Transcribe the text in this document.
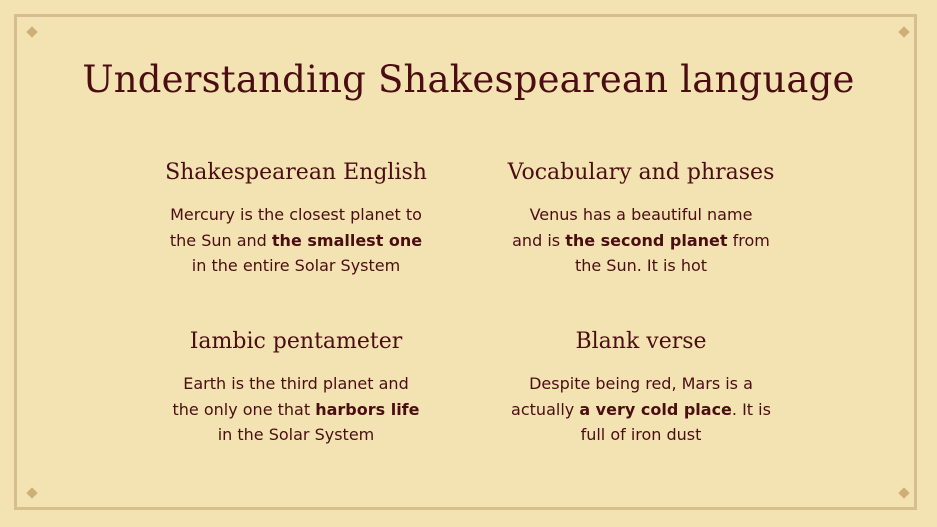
Understanding Shakespearean language
Shakespearean English

Mercury is the closest planet to
the Sun and the smallest one
in the entire Solar System

Vocabulary and phrases

Venus has a beautiful name
and is the second planet from
the Sun. It is hot

Iambic pentameter

Earth is the third planet and
the only one that harbors life
in the Solar System

Blank verse

Despite being red, Mars is a
actually a very cold place. It is
full of iron dust
